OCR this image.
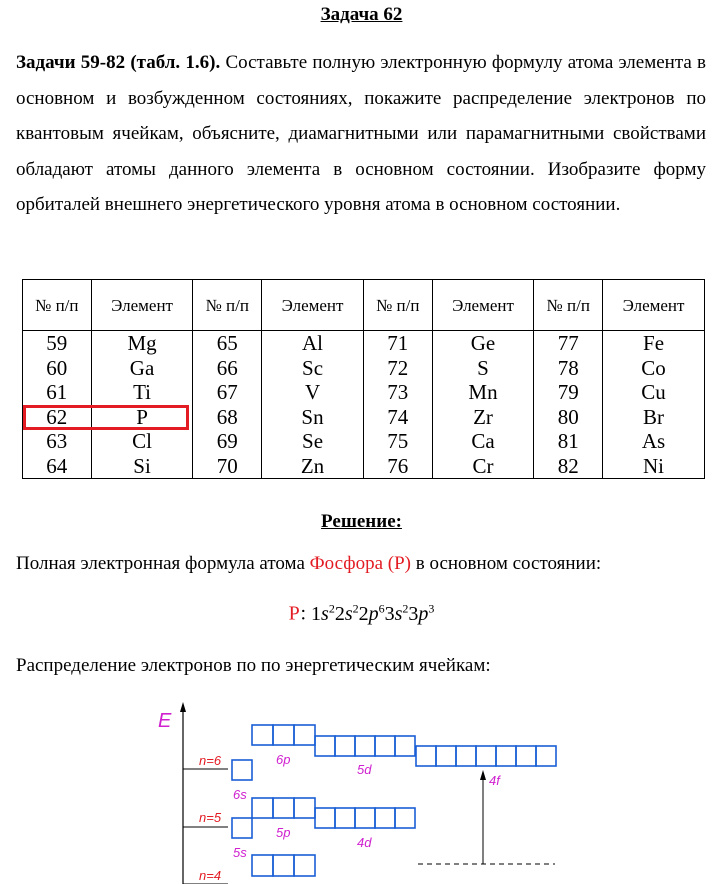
Задача 62
Задачи 59-82 (табл. 1.6). Составьте полную электронную формулу атома элемента в основном и возбужденном состояниях, покажите распределение электронов по квантовым ячейкам, объясните, диамагнитными или парамагнитными свойствами обладают атомы данного элемента в основном состоянии. Изобразите форму орбиталей внешнего энергетического уровня атома в основном состоянии.
№ п/п	Элемент	№ п/п	Элемент	№ п/п	Элемент	№ п/п	Элемент
59	Mg	65	Al	71	Ge	77	Fe
60	Ga	66	Sc	72	S	78	Co
61	Ti	67	V	73	Mn	79	Cu
62	P	68	Sn	74	Zr	80	Br
63	Cl	69	Se	75	Ca	81	As
64	Si	70	Zn	76	Cr	82	Ni
Решение:
Полная электронная формула атома Фосфора (Р) в основном состоянии:
Р: $1s^22s^22p^63s^23p^3$
Распределение электронов по по энергетическим ячейкам:
E
n=6
n=5
n=4
6p
5d
4f
6s
5p
4d
5s
